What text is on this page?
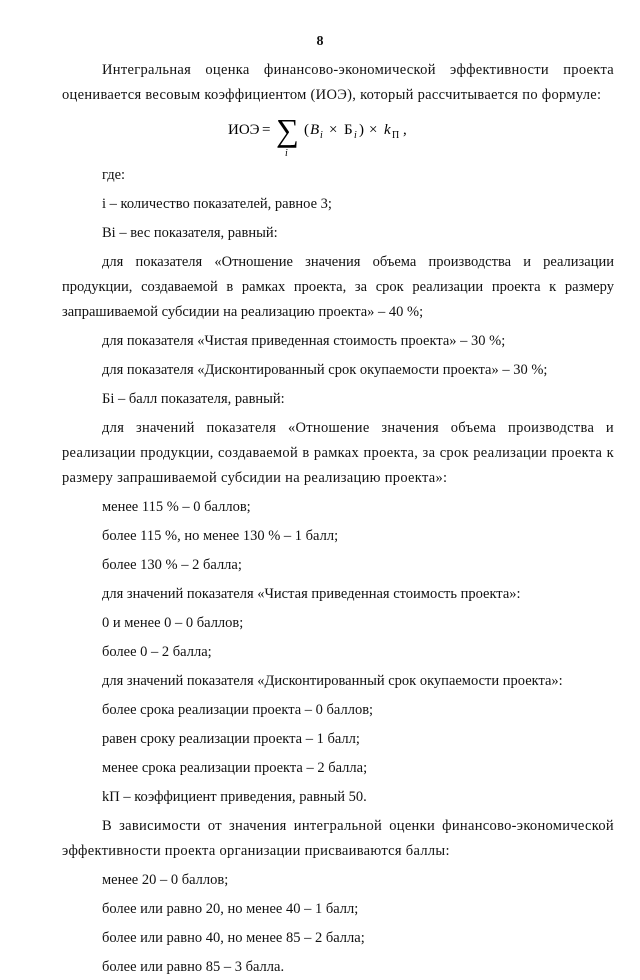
8

Интегральная оценка финансово-экономической эффективности проекта оценивается весовым коэффициентом (ИОЭ), который рассчитывается по формуле:

ИОЭ = ∑
i
( B i × Б i ) × k П ,

где:

i – количество показателей, равное 3;

Bi – вес показателя, равный:

для показателя «Отношение значения объема производства и реализации продукции, создаваемой в рамках проекта, за срок реализации проекта к размеру запрашиваемой субсидии на реализацию проекта» – 40 %;

для показателя «Чистая приведенная стоимость проекта» – 30 %;

для показателя «Дисконтированный срок окупаемости проекта» – 30 %;

Бi – балл показателя, равный:

для значений показателя «Отношение значения объема производства и реализации продукции, создаваемой в рамках проекта, за срок реализации проекта к размеру запрашиваемой субсидии на реализацию проекта»:

менее 115 % – 0 баллов;

более 115 %, но менее 130 % – 1 балл;

более 130 % – 2 балла;

для значений показателя «Чистая приведенная стоимость проекта»:

0 и менее 0 – 0 баллов;

более 0 – 2 балла;

для значений показателя «Дисконтированный срок окупаемости проекта»:

более срока реализации проекта – 0 баллов;

равен сроку реализации проекта – 1 балл;

менее срока реализации проекта – 2 балла;

kП – коэффициент приведения, равный 50.

В зависимости от значения интегральной оценки финансово-экономической эффективности проекта организации присваиваются баллы:

менее 20 – 0 баллов;

более или равно 20, но менее 40 – 1 балл;

более или равно 40, но менее 85 – 2 балла;

более или равно 85 – 3 балла.
